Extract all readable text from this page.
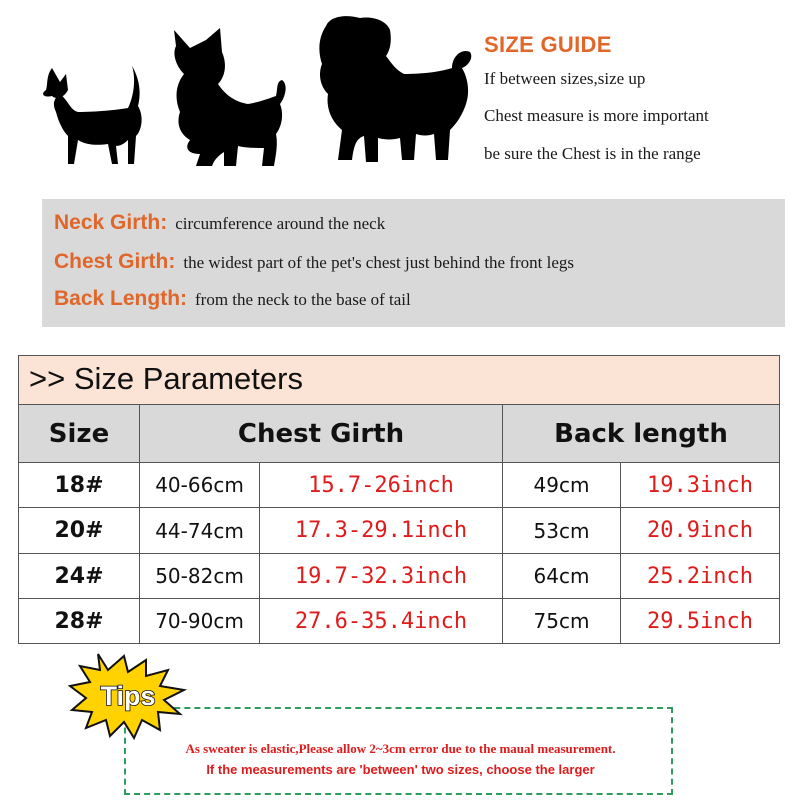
SIZE GUIDE
If between sizes,size up
Chest measure is more important
be sure the Chest is in the range
Neck Girth: circumference around the neck
Chest Girth: the widest part of the pet's chest just behind the front legs
Back Length: from the neck to the base of tail
>> Size Parameters
Size	Chest Girth	Back length
18#	40-66cm	15.7-26inch	49cm	19.3inch
20#	44-74cm	17.3-29.1inch	53cm	20.9inch
24#	50-82cm	19.7-32.3inch	64cm	25.2inch
28#	70-90cm	27.6-35.4inch	75cm	29.5inch
As sweater is elastic,Please allow 2~3cm error due to the maual measurement.
If the measurements are 'between' two sizes, choose the larger
Tips
